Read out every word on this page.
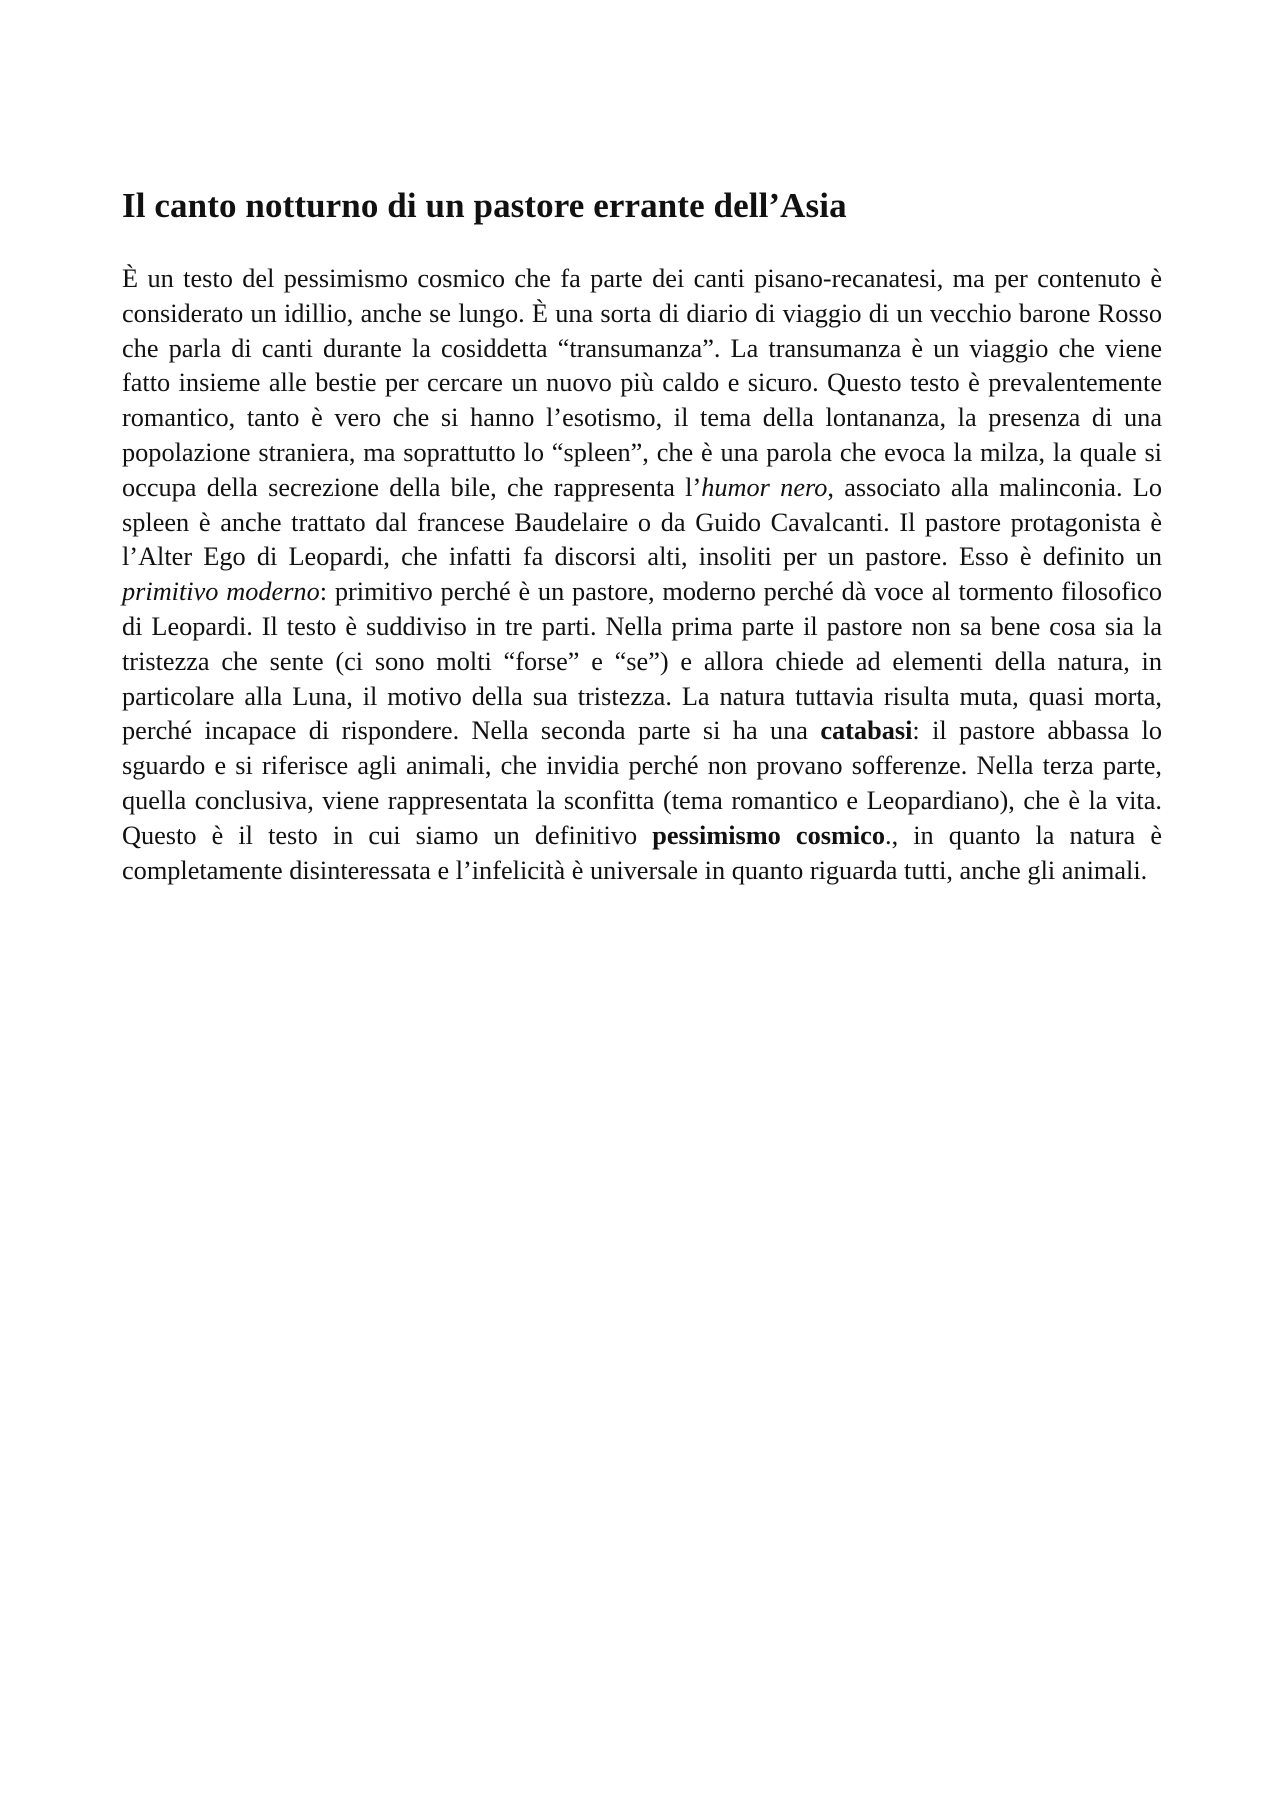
Il canto notturno di un pastore errante dell’Asia

È un testo del pessimismo cosmico che fa parte dei canti pisano-recanatesi, ma per contenuto è considerato un idillio, anche se lungo. È una sorta di diario di viaggio di un vecchio barone Rosso che parla di canti durante la cosiddetta “transumanza”. La transumanza è un viaggio che viene fatto insieme alle bestie per cercare un nuovo più caldo e sicuro. Questo testo è prevalentemente romantico, tanto è vero che si hanno l’esotismo, il tema della lontananza, la presenza di una popolazione straniera, ma soprattutto lo “spleen”, che è una parola che evoca la milza, la quale si occupa della secrezione della bile, che rappresenta l’humor nero, associato alla malinconia. Lo spleen è anche trattato dal francese Baudelaire o da Guido Cavalcanti. Il pastore protagonista è l’Alter Ego di Leopardi, che infatti fa discorsi alti, insoliti per un pastore. Esso è definito un primitivo moderno: primitivo perché è un pastore, moderno perché dà voce al tormento filosofico di Leopardi. Il testo è suddiviso in tre parti. Nella prima parte il pastore non sa bene cosa sia la tristezza che sente (ci sono molti “forse” e “se”) e allora chiede ad elementi della natura, in particolare alla Luna, il motivo della sua tristezza. La natura tuttavia risulta muta, quasi morta, perché incapace di rispondere. Nella seconda parte si ha una catabasi: il pastore abbassa lo sguardo e si riferisce agli animali, che invidia perché non provano sofferenze. Nella terza parte, quella conclusiva, viene rappresentata la sconfitta (tema romantico e Leopardiano), che è la vita. Questo è il testo in cui siamo un definitivo pessimismo cosmico., in quanto la natura è completamente disinteressata e l’infelicità è universale in quanto riguarda tutti, anche gli animali.
